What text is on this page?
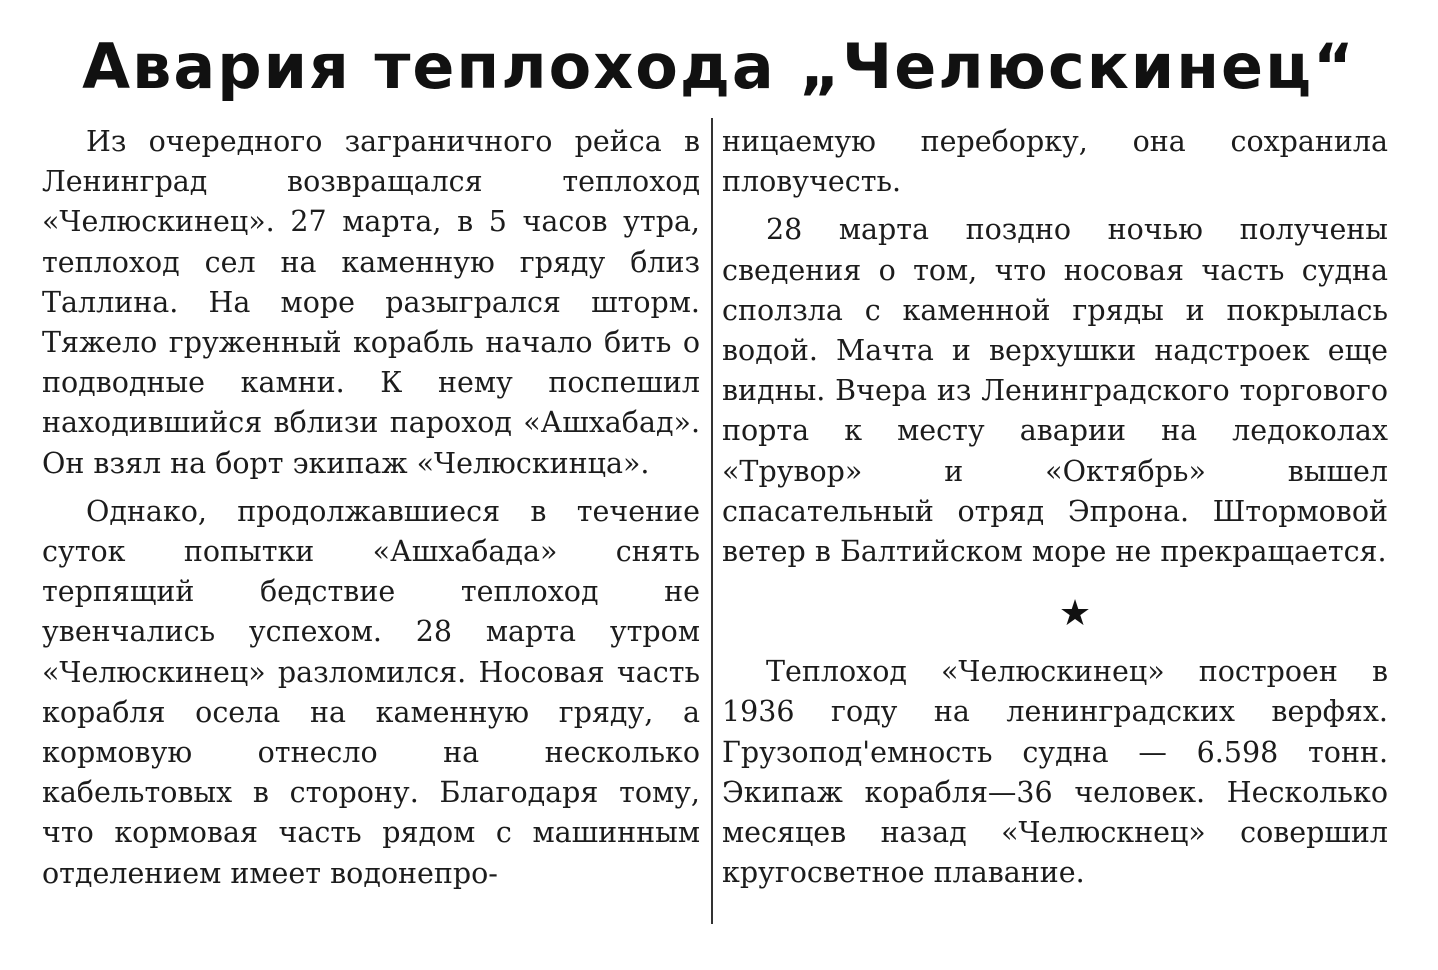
Авария теплохода „Челюскинец“

Из очередного заграничного рейса в Ленинград возвращался теплоход «Челюскинец». 27 марта, в 5 часов утра, теплоход сел на каменную гряду близ Таллина. На море разыгрался шторм. Тяжело груженный корабль начало бить о подводные камни. К нему поспешил находившийся вблизи пароход «Ашхабад». Он взял на борт экипаж «Челюскинца».

Однако, продолжавшиеся в течение суток попытки «Ашхабада» снять терпящий бедствие теплоход не увенчались успехом. 28 марта утром «Челюскинец» разломился. Носовая часть корабля осела на каменную гряду, а кормовую отнесло на несколько кабельтовых в сторону. Благодаря тому, что кормовая часть рядом с машинным отделением имеет водонепро-

ницаемую переборку, она сохранила пловучесть.

28 марта поздно ночью получены сведения о том, что носовая часть судна сползла с каменной гряды и покрылась водой. Мачта и верхушки надстроек еще видны. Вчера из Ленинградского торгового порта к месту аварии на ледоколах «Трувор» и «Октябрь» вышел спасательный отряд Эпрона. Штормовой ветер в Балтийском море не прекращается.

★

Теплоход «Челюскинец» построен в 1936 году на ленинградских верфях. Грузопод'емность судна — 6.598 тонн. Экипаж корабля—36 человек. Несколько месяцев назад «Челюскнец» совершил кругосветное плавание.
